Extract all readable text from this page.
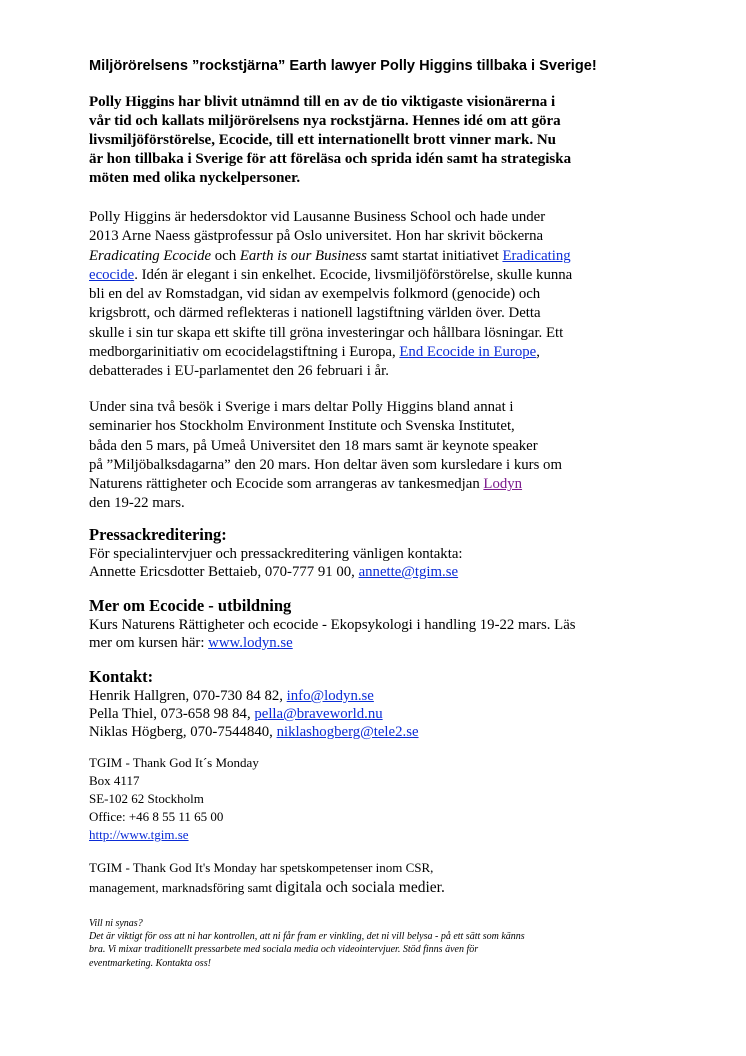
Miljörörelsens ”rockstjärna” Earth lawyer Polly Higgins tillbaka i Sverige!

Polly Higgins har blivit utnämnd till en av de tio viktigaste visionärerna i
vår tid och kallats miljörörelsens nya rockstjärna. Hennes idé om att göra
livsmiljöförstörelse, Ecocide, till ett internationellt brott vinner mark. Nu
är hon tillbaka i Sverige för att föreläsa och sprida idén samt ha strategiska
möten med olika nyckelpersoner.

Polly Higgins är hedersdoktor vid Lausanne Business School och hade under
2013 Arne Naess gästprofessur på Oslo universitet. Hon har skrivit böckerna
Eradicating Ecocide och Earth is our Business samt startat initiativet Eradicating
ecocide. Idén är elegant i sin enkelhet. Ecocide, livsmiljöförstörelse, skulle kunna
bli en del av Romstadgan, vid sidan av exempelvis folkmord (genocide) och
krigsbrott, och därmed reflekteras i nationell lagstiftning världen över. Detta
skulle i sin tur skapa ett skifte till gröna investeringar och hållbara lösningar. Ett
medborgarinitiativ om ecocidelagstiftning i Europa, End Ecocide in Europe,
debatterades i EU-parlamentet den 26 februari i år.
Under sina två besök i Sverige i mars deltar Polly Higgins bland annat i
seminarier hos Stockholm Environment Institute och Svenska Institutet,
båda den 5 mars, på Umeå Universitet den 18 mars samt är keynote speaker
på ”Miljöbalksdagarna” den 20 mars. Hon deltar även som kursledare i kurs om
Naturens rättigheter och Ecocide som arrangeras av tankesmedjan Lodyn
den 19-22 mars.
Pressackreditering:
För specialintervjuer och pressackreditering vänligen kontakta:
Annette Ericsdotter Bettaieb, 070-777 91 00, annette@tgim.se
Mer om Ecocide - utbildning
Kurs Naturens Rättigheter och ecocide - Ekopsykologi i handling 19-22 mars. Läs
mer om kursen här: www.lodyn.se
Kontakt:
Henrik Hallgren, 070-730 84 82, info@lodyn.se
Pella Thiel, 073-658 98 84, pella@braveworld.nu
Niklas Högberg, 070-7544840, niklashogberg@tele2.se
TGIM - Thank God It´s Monday
Box 4117
SE-102 62 Stockholm
Office: +46 8 55 11 65 00
http://www.tgim.se
TGIM - Thank God It's Monday har spetskompetenser inom CSR,
management, marknadsföring samt digitala och sociala medier.
Vill ni synas?
Det är viktigt för oss att ni har kontrollen, att ni får fram er vinkling, det ni vill belysa - på ett sätt som känns
bra. Vi mixar traditionellt pressarbete med sociala media och videointervjuer. Stöd finns även för
eventmarketing. Kontakta oss!
